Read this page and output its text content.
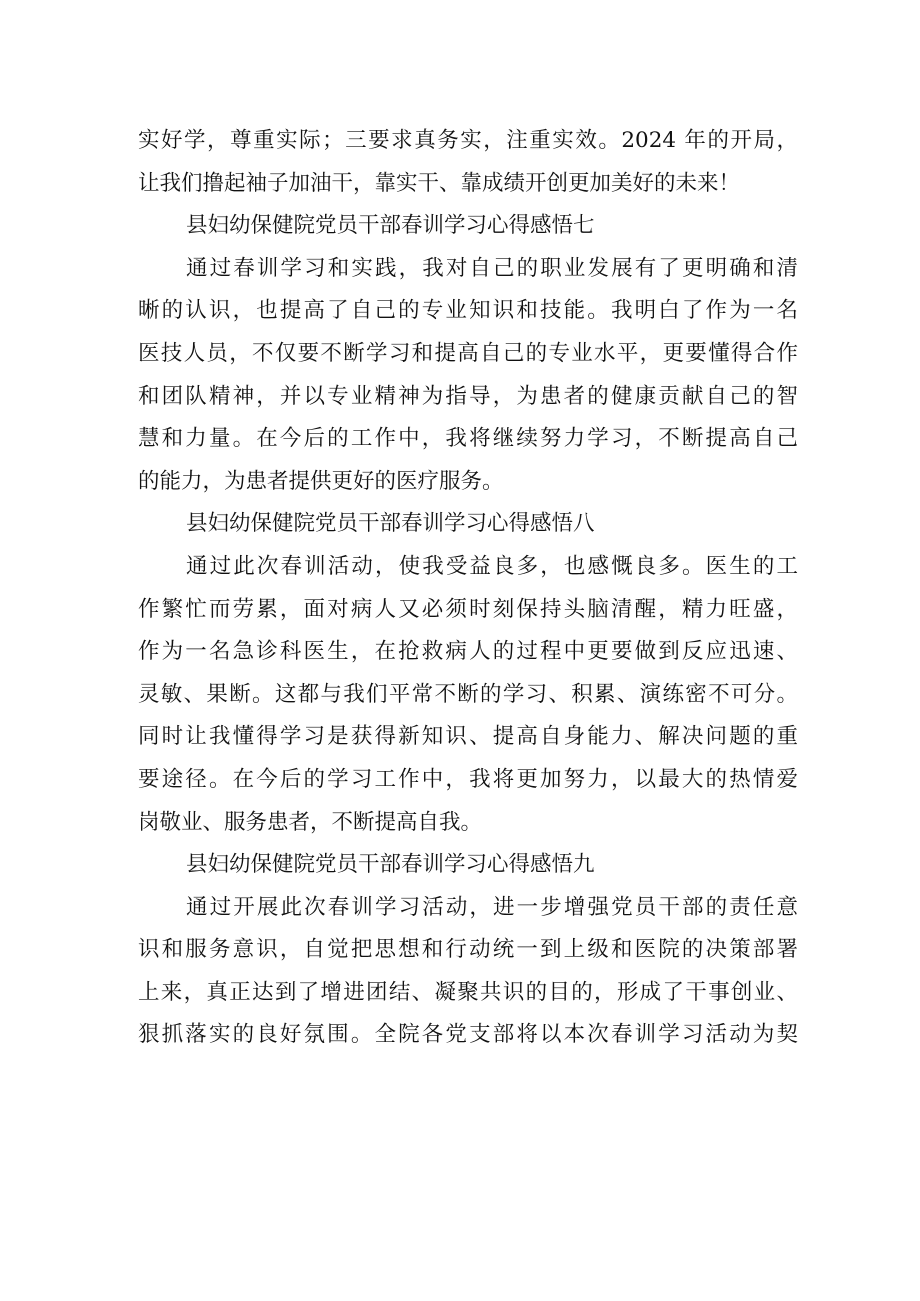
实好学，尊重实际；三要求真务实，注重实效。2024 年的开局，
让我们撸起袖子加油干，靠实干、靠成绩开创更加美好的未来！
县妇幼保健院党员干部春训学习心得感悟七
通过春训学习和实践，我对自己的职业发展有了更明确和清
晰的认识，也提高了自己的专业知识和技能。我明白了作为一名
医技人员，不仅要不断学习和提高自己的专业水平，更要懂得合作
和团队精神，并以专业精神为指导，为患者的健康贡献自己的智
慧和力量。在今后的工作中，我将继续努力学习，不断提高自己
的能力，为患者提供更好的医疗服务。
县妇幼保健院党员干部春训学习心得感悟八
通过此次春训活动，使我受益良多，也感慨良多。医生的工
作繁忙而劳累，面对病人又必须时刻保持头脑清醒，精力旺盛，
作为一名急诊科医生，在抢救病人的过程中更要做到反应迅速、
灵敏、果断。这都与我们平常不断的学习、积累、演练密不可分。
同时让我懂得学习是获得新知识、提高自身能力、解决问题的重
要途径。在今后的学习工作中，我将更加努力，以最大的热情爱
岗敬业、服务患者，不断提高自我。
县妇幼保健院党员干部春训学习心得感悟九
通过开展此次春训学习活动，进一步增强党员干部的责任意
识和服务意识，自觉把思想和行动统一到上级和医院的决策部署
上来，真正达到了增进团结、凝聚共识的目的，形成了干事创业、
狠抓落实的良好氛围。全院各党支部将以本次春训学习活动为契
